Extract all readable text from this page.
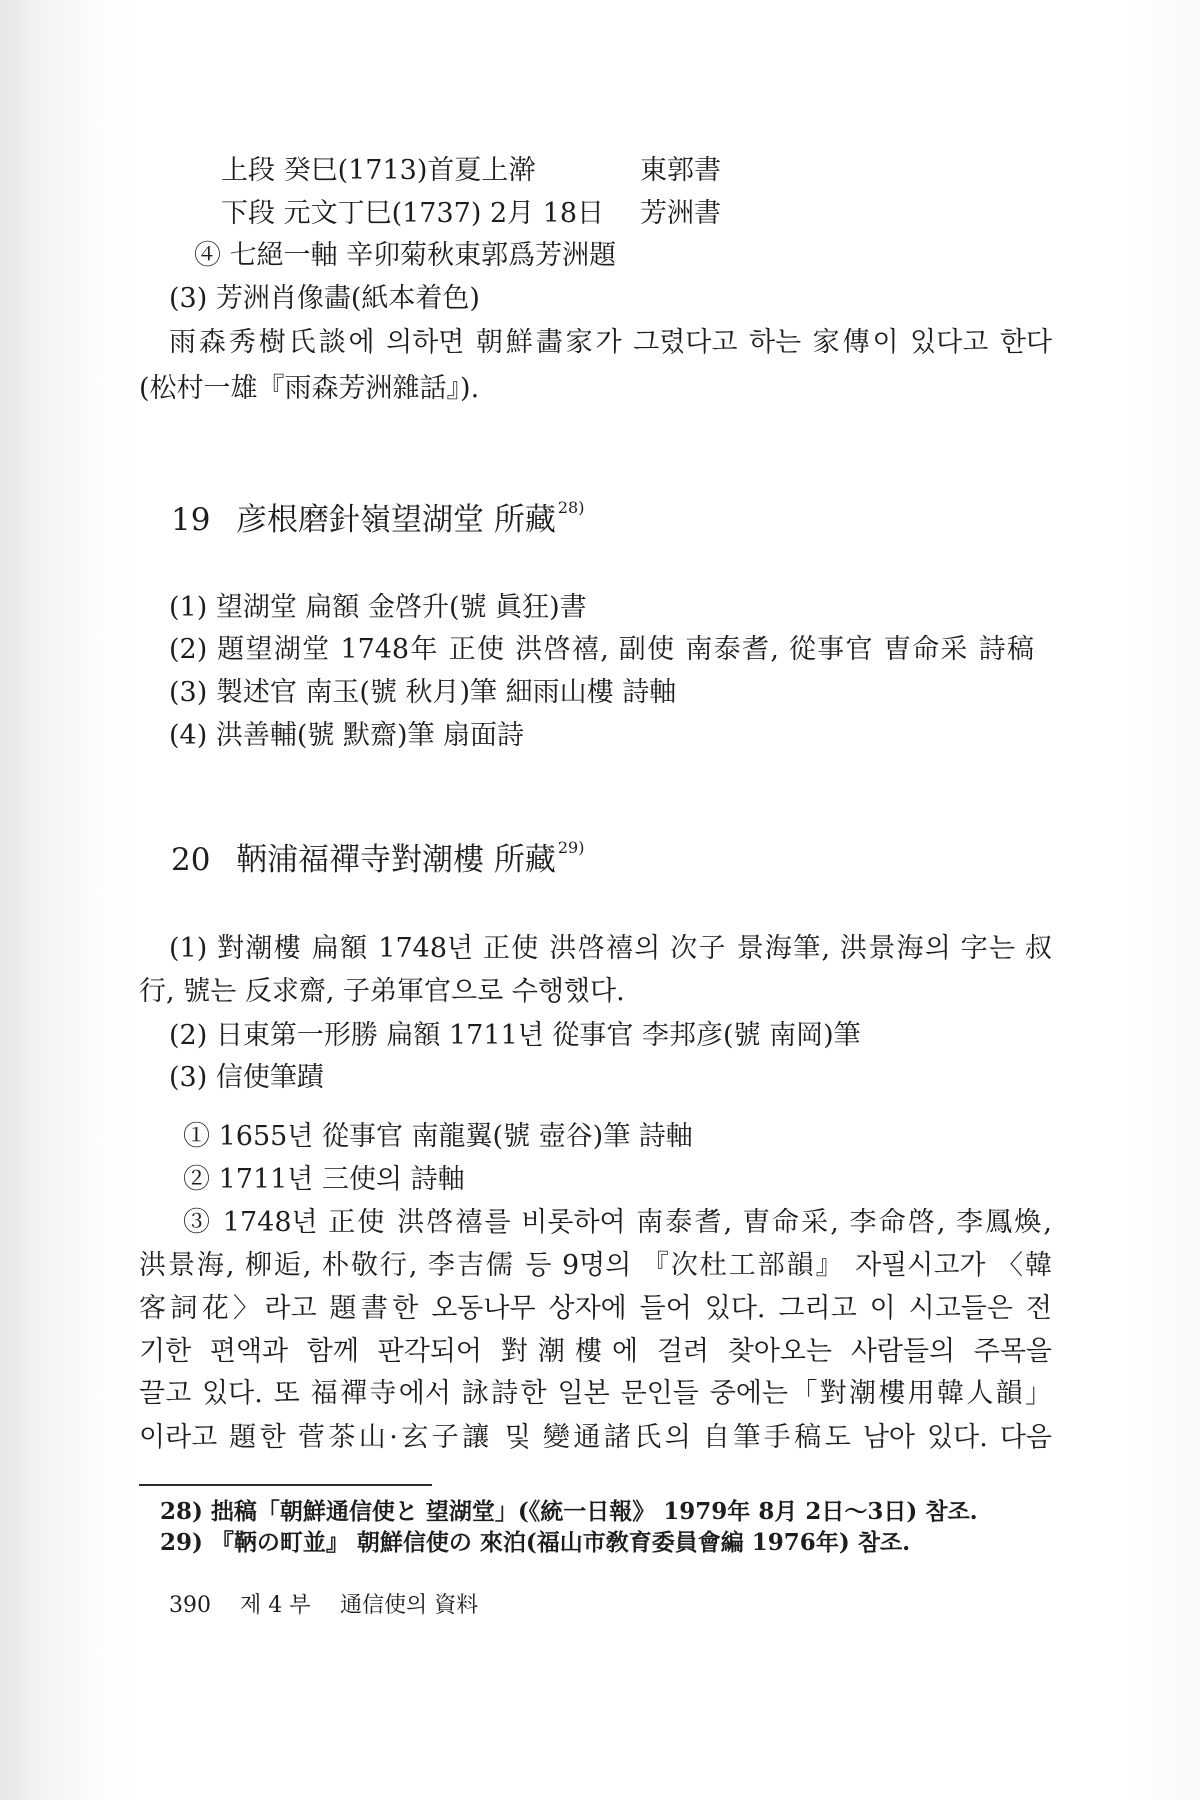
上段 癸巳(1713)首夏上澣	東郭書
下段 元文丁巳(1737) 2月 18日 芳洲書
④ 七絕一軸 辛卯菊秋東郭爲芳洲題
(3) 芳洲肖像畵(紙本着色)
雨森秀樹氏談에 의하면 朝鮮畵家가 그렸다고 하는 家傳이 있다고 한다
(松村一雄『雨森芳洲雜話』).
19 彦根磨針嶺望湖堂 所藏 $^{28)}$
(1) 望湖堂 扁額 金啓升(號 眞狂)書
(2) 題望湖堂 1748年 正使 洪啓禧, 副使 南泰耆, 從事官 曺命采 詩稿
(3) 製述官 南玉(號 秋月)筆 細雨山樓 詩軸
(4) 洪善輔(號 默齋)筆 扇面詩
20 鞆浦福禪寺對潮樓 所藏 $^{29)}$
(1) 對潮樓 扁額 1748년 正使 洪啓禧의 次子 景海筆, 洪景海의 字는 叔
行, 號는 反求齋, 子弟軍官으로 수행했다.
(2) 日東第一形勝 扁額 1711년 從事官 李邦彦(號 南岡)筆
(3) 信使筆蹟
① 1655년 從事官 南龍翼(號 壺谷)筆 詩軸
② 1711년 三使의 詩軸
③ 1748년 正使 洪啓禧를 비롯하여 南泰耆, 曺命采, 李命啓, 李鳳煥,
洪景海, 柳逅, 朴敬行, 李吉儒 등 9명의 『次杜工部韻』 자필시고가 〈韓
客詞花〉라고 題書한 오동나무 상자에 들어 있다. 그리고 이 시고들은 전
기한 편액과 함께 판각되어 對潮樓에 걸려 찾아오는 사람들의 주목을
끌고 있다. 또 福禪寺에서 詠詩한 일본 문인들 중에는「對潮樓用韓人韻」
이라고 題한 菅茶山·玄子讓 및 變通諸氏의 自筆手稿도 남아 있다. 다음
28) 拙稿「朝鮮通信使と 望湖堂」(《統一日報》 1979年 8月 2日～3日) 참조.
29) 『鞆の町並』 朝鮮信使の 來泊(福山市敎育委員會編 1976年) 참조.
390 제 4 부 通信使의 資料
